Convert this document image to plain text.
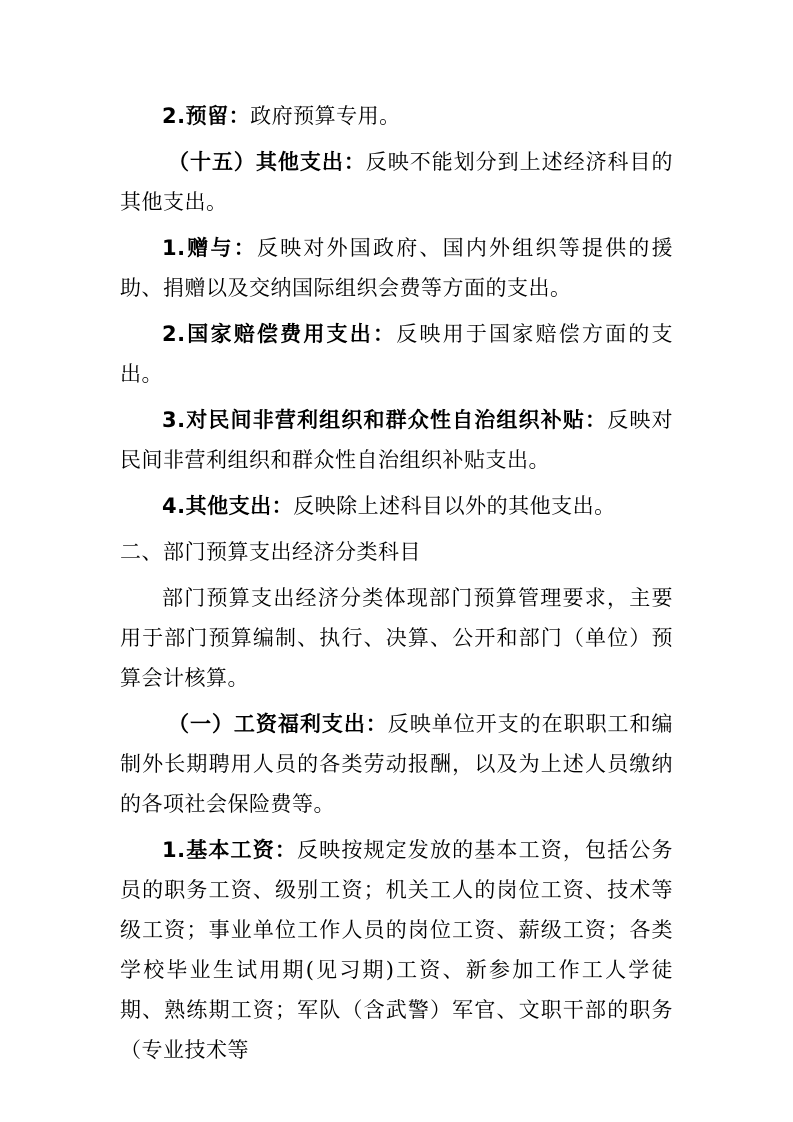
2.预留：政府预算专用。

（十五）其他支出：反映不能划分到上述经济科目的其他支出。

1.赠与：反映对外国政府、国内外组织等提供的援助、捐赠以及交纳国际组织会费等方面的支出。

2.国家赔偿费用支出：反映用于国家赔偿方面的支出。

3.对民间非营利组织和群众性自治组织补贴：反映对民间非营利组织和群众性自治组织补贴支出。

4.其他支出：反映除上述科目以外的其他支出。

二、部门预算支出经济分类科目

部门预算支出经济分类体现部门预算管理要求，主要用于部门预算编制、执行、决算、公开和部门（单位）预算会计核算。

（一）工资福利支出：反映单位开支的在职职工和编制外长期聘用人员的各类劳动报酬，以及为上述人员缴纳的各项社会保险费等。

1.基本工资：反映按规定发放的基本工资，包括公务员的职务工资、级别工资；机关工人的岗位工资、技术等级工资；事业单位工作人员的岗位工资、薪级工资；各类学校毕业生试用期(见习期)工资、新参加工作工人学徒期、熟练期工资；军队（含武警）军官、文职干部的职务（专业技术等
